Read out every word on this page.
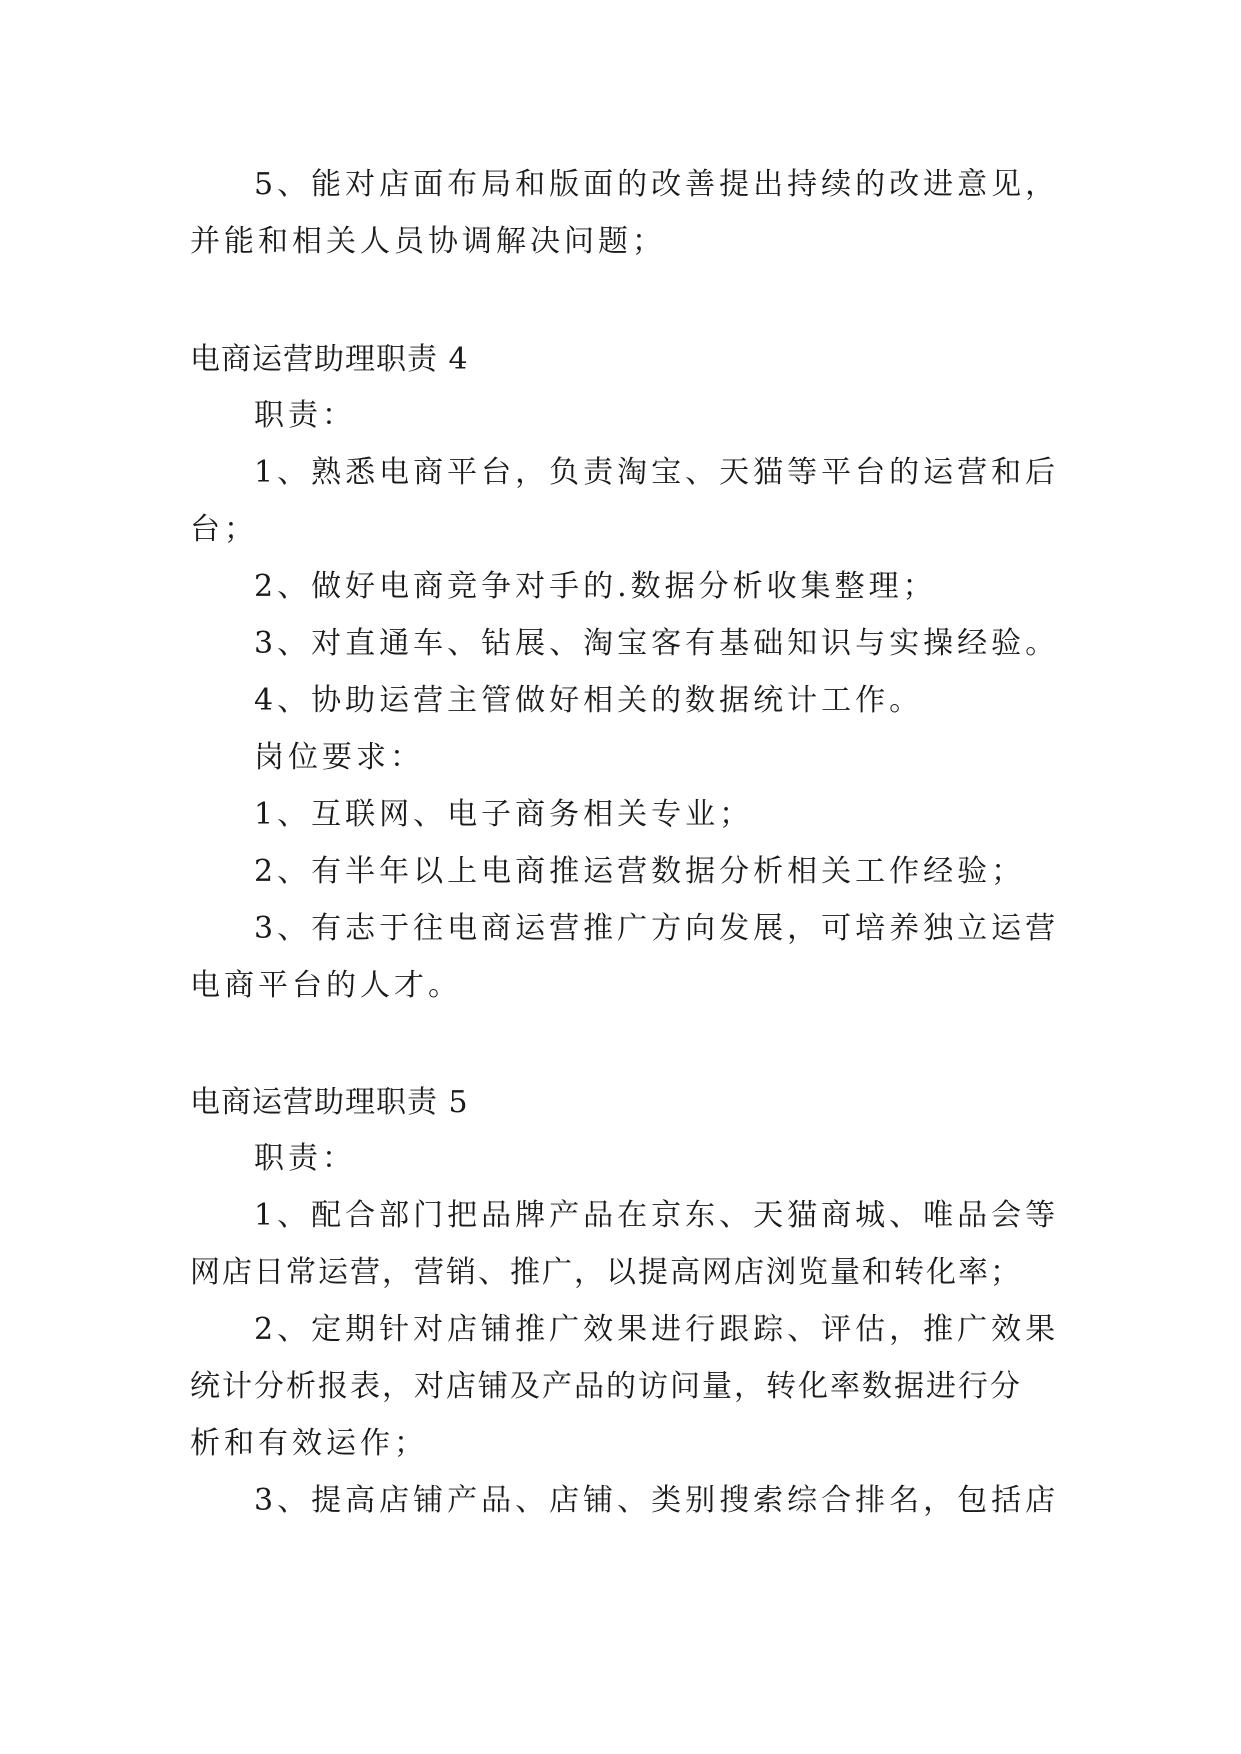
5、能对店面布局和版面的改善提出持续的改进意见，
并能和相关人员协调解决问题；
电商运营助理职责 4
职责：
1、熟悉电商平台，负责淘宝、天猫等平台的运营和后
台；
2、做好电商竞争对手的.数据分析收集整理；
3、对直通车、钻展、淘宝客有基础知识与实操经验。
4、协助运营主管做好相关的数据统计工作。
岗位要求：
1、互联网、电子商务相关专业；
2、有半年以上电商推运营数据分析相关工作经验；
3、有志于往电商运营推广方向发展，可培养独立运营
电商平台的人才。
电商运营助理职责 5
职责：
1、配合部门把品牌产品在京东、天猫商城、唯品会等
网店日常运营，营销、推广，以提高网店浏览量和转化率；
2、定期针对店铺推广效果进行跟踪、评估，推广效果
统计分析报表，对店铺及产品的访问量，转化率数据进行分
析和有效运作；
3、提高店铺产品、店铺、类别搜索综合排名，包括店
